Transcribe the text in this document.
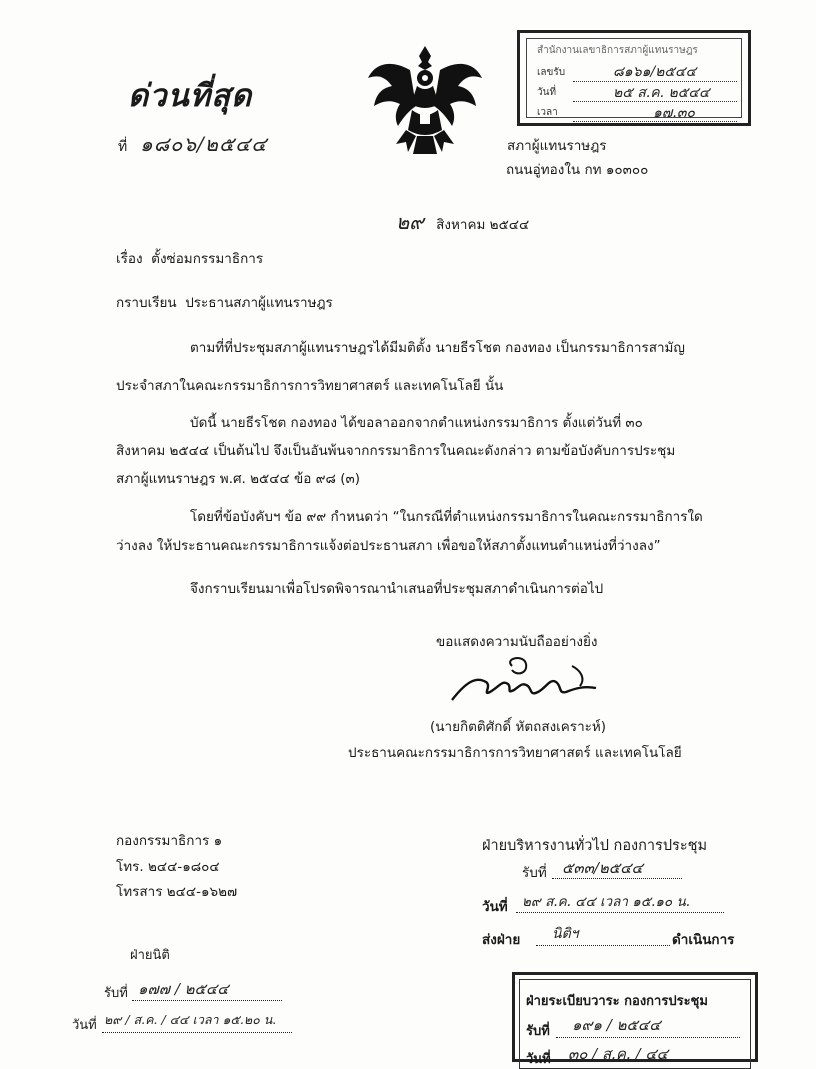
ด่วนที่สุด
ที่ ๑๘๐๖/๒๕๔๔
สำนักงานเลขาธิการสภาผู้แทนราษฎร
เลขรับ	๘๑๖๑/๒๕๔๔
วันที่	๒๕ ส.ค. ๒๕๔๔
เวลา	๑๗.๓๐
สภาผู้แทนราษฎร
ถนนอู่ทองใน กท ๑๐๓๐๐
๒๙ สิงหาคม ๒๕๔๔
เรื่อง ตั้งซ่อมกรรมาธิการ
กราบเรียน ประธานสภาผู้แทนราษฎร
ตามที่ที่ประชุมสภาผู้แทนราษฎรได้มีมติตั้ง นายธีรโชต กองทอง เป็นกรรมาธิการสามัญ
ประจำสภาในคณะกรรมาธิการการวิทยาศาสตร์ และเทคโนโลยี นั้น
บัดนี้ นายธีรโชต กองทอง ได้ขอลาออกจากตำแหน่งกรรมาธิการ ตั้งแต่วันที่ ๓๐
สิงหาคม ๒๕๔๔ เป็นต้นไป จึงเป็นอันพ้นจากกรรมาธิการในคณะดังกล่าว ตามข้อบังคับการประชุม
สภาผู้แทนราษฎร พ.ศ. ๒๕๔๔ ข้อ ๙๘ (๓)
โดยที่ข้อบังคับฯ ข้อ ๙๙ กำหนดว่า “ในกรณีที่ตำแหน่งกรรมาธิการในคณะกรรมาธิการใด
ว่างลง ให้ประธานคณะกรรมาธิการแจ้งต่อประธานสภา เพื่อขอให้สภาตั้งแทนตำแหน่งที่ว่างลง”
จึงกราบเรียนมาเพื่อโปรดพิจารณานำเสนอที่ประชุมสภาดำเนินการต่อไป
ขอแสดงความนับถืออย่างยิ่ง
(นายกิตติศักดิ์ หัตถสงเคราะห์)
ประธานคณะกรรมาธิการการวิทยาศาสตร์ และเทคโนโลยี
กองกรรมาธิการ ๑
โทร. ๒๔๔-๑๘๐๔
โทรสาร ๒๔๔-๑๖๒๗
ฝ่ายบริหารงานทั่วไป กองการประชุม
รับที่ ๕๓๓/๒๕๔๔
วันที่ ๒๙ ส.ค. ๔๔ เวลา ๑๕.๑๐ น.
ส่งฝ่าย นิติฯ	ดำเนินการ
ฝ่ายนิติ
รับที่ ๑๗๗ / ๒๕๔๔
วันที่ ๒๙ / ส.ค. / ๔๔ เวลา ๑๕.๒๐ น.
ฝ่ายระเบียบวาระ กองการประชุม
รับที่ ๑๙๑ / ๒๕๔๔
วันที่ ๓๐ / ส.ค. / ๔๔
